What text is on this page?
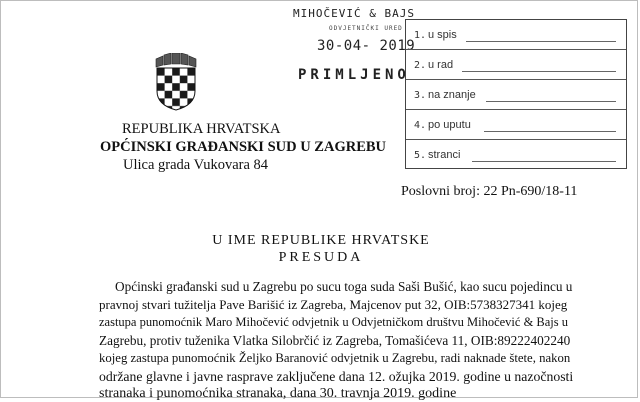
REPUBLIKA HRVATSKA
OPĆINSKI GRAĐANSKI SUD U ZAGREBU
Ulica grada Vukovara 84
MIHOČEVIĆ & BAJS
ODVJETNIČKI URED
30-04- 2019
PRIMLJENO
1. u spis
2. u rad
3. na znanje
4. po uputu
5. stranci
Poslovni broj: 22 Pn-690/18-11
U IME REPUBLIKE HRVATSKE
PRESUDA
Općinski građanski sud u Zagrebu po sucu toga suda Saši Bušić, kao sucu pojedincu u
pravnoj stvari tužitelja Pave Barišić iz Zagreba, Majcenov put 32, OIB:5738327341 kojeg
zastupa punomoćnik Maro Mihočević odvjetnik u Odvjetničkom društvu Mihočević & Bajs u
Zagrebu, protiv tuženika Vlatka Silobrčić iz Zagreba, Tomašićeva 11, OIB:89222402240
kojeg zastupa punomoćnik Željko Baranović odvjetnik u Zagrebu, radi naknade štete, nakon
održane glavne i javne rasprave zaključene dana 12. ožujka 2019. godine u nazočnosti
stranaka i punomoćnika stranaka, dana 30. travnja 2019. godine
